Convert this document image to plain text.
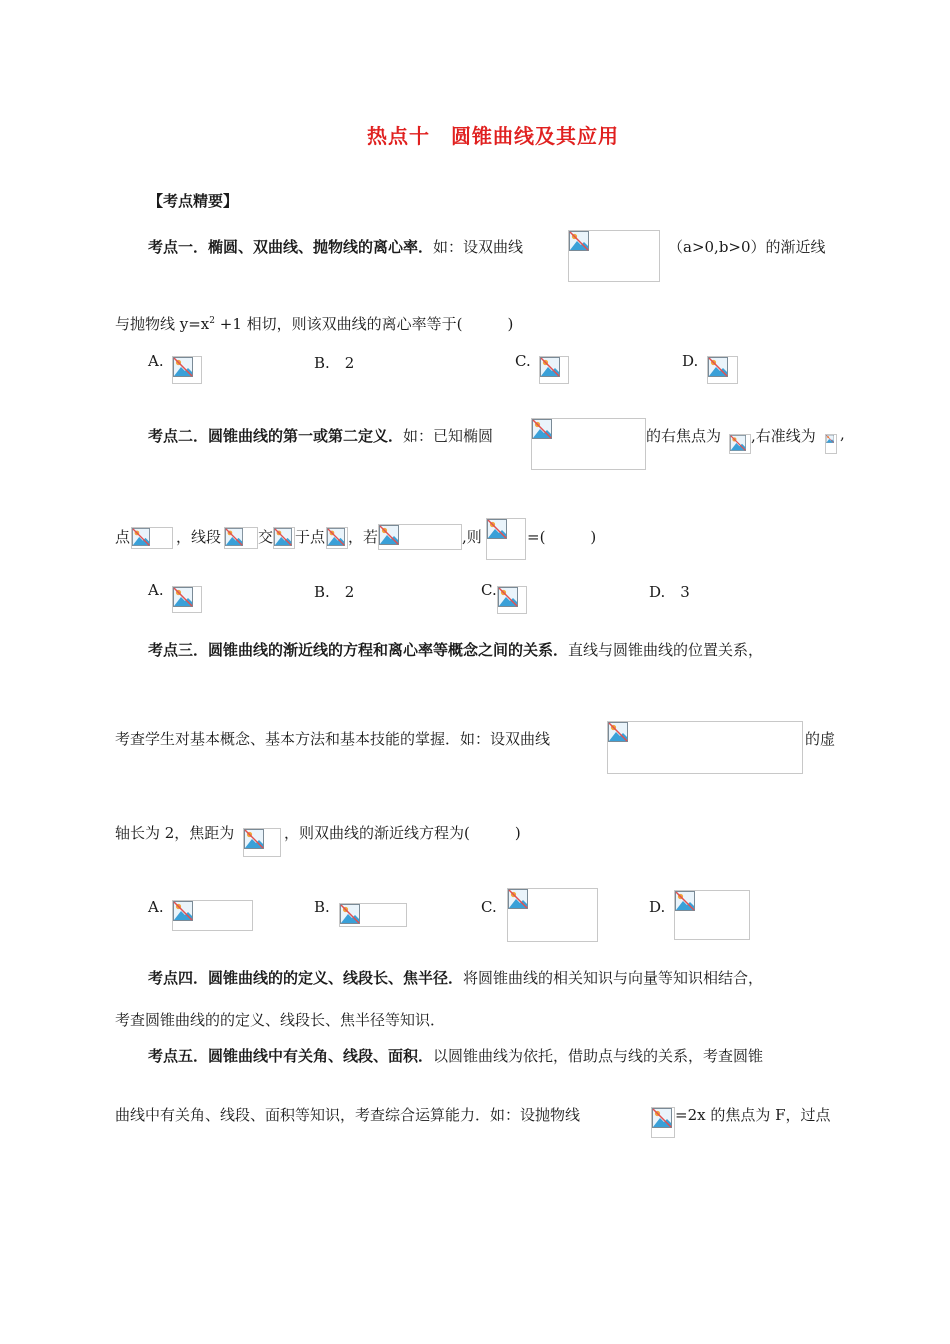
热点十　圆锥曲线及其应用
【考点精要】
考点一．椭圆、双曲线、抛物线的离心率．如：设双曲线	（a>0,b>0）的渐近线
与抛物线 $y=x^2 +1$ 相切，则该双曲线的离心率等于(　　　)
A.	B.　2	C.	D.
考点二．圆锥曲线的第一或第二定义．如：已知椭圆	的右焦点为 ,右准线为 ,
点	，线段 交 于点 ，若	,则	=(　　　)
A.	B.　2	C.	D.　3
考点三．圆锥曲线的渐近线的方程和离心率等概念之间的关系．直线与圆锥曲线的位置关系，
考查学生对基本概念、基本方法和基本技能的掌握．如：设双曲线	的虚
轴长为 2，焦距为	，则双曲线的渐近线方程为(　　　)
A.	B.	C.	D.
考点四．圆锥曲线的的定义、线段长、焦半径．将圆锥曲线的相关知识与向量等知识相结合，
考查圆锥曲线的的定义、线段长、焦半径等知识．
考点五．圆锥曲线中有关角、线段、面积．以圆锥曲线为依托，借助点与线的关系，考查圆锥
曲线中有关角、线段、面积等知识，考查综合运算能力．如：设抛物线	=2x 的焦点为 F，过点
